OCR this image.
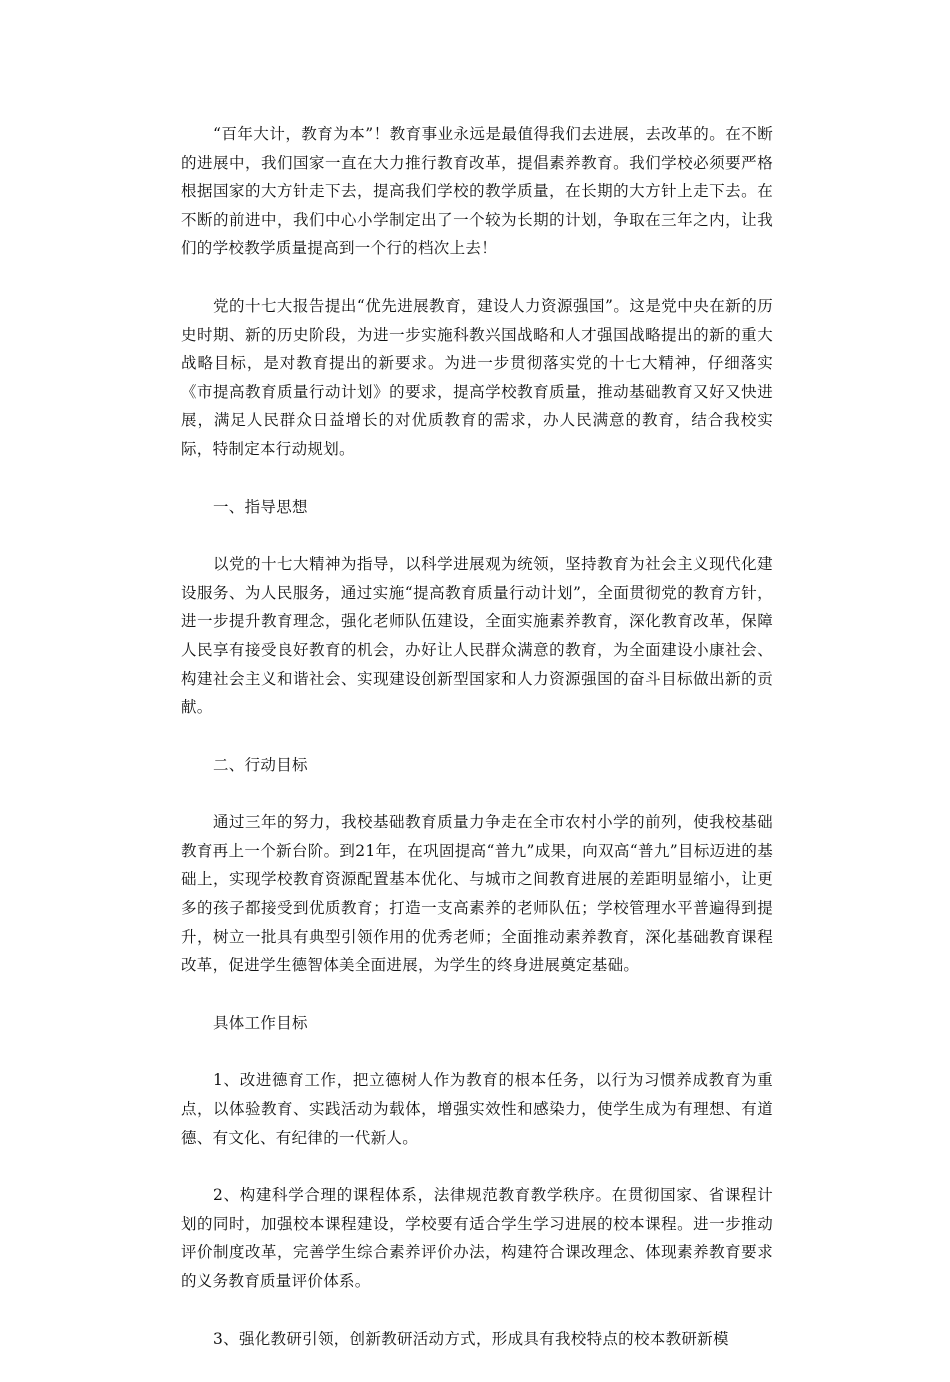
“百年大计，教育为本”！教育事业永远是最值得我们去进展，去改革的。在不断的进展中，我们国家一直在大力推行教育改革，提倡素养教育。我们学校必须要严格根据国家的大方针走下去，提高我们学校的教学质量，在长期的大方针上走下去。在不断的前进中，我们中心小学制定出了一个较为长期的计划，争取在三年之内，让我们的学校教学质量提高到一个行的档次上去！

党的十七大报告提出“优先进展教育，建设人力资源强国”。这是党中央在新的历史时期、新的历史阶段，为进一步实施科教兴国战略和人才强国战略提出的新的重大战略目标，是对教育提出的新要求。为进一步贯彻落实党的十七大精神，仔细落实《市提高教育质量行动计划》的要求，提高学校教育质量，推动基础教育又好又快进展，满足人民群众日益增长的对优质教育的需求，办人民满意的教育，结合我校实际，特制定本行动规划。

一、指导思想

以党的十七大精神为指导，以科学进展观为统领，坚持教育为社会主义现代化建设服务、为人民服务，通过实施“提高教育质量行动计划”，全面贯彻党的教育方针，进一步提升教育理念，强化老师队伍建设，全面实施素养教育，深化教育改革，保障人民享有接受良好教育的机会，办好让人民群众满意的教育，为全面建设小康社会、构建社会主义和谐社会、实现建设创新型国家和人力资源强国的奋斗目标做出新的贡献。

二、行动目标

通过三年的努力，我校基础教育质量力争走在全市农村小学的前列，使我校基础教育再上一个新台阶。到21年，在巩固提高“普九”成果，向双高“普九”目标迈进的基础上，实现学校教育资源配置基本优化、与城市之间教育进展的差距明显缩小，让更多的孩子都接受到优质教育；打造一支高素养的老师队伍；学校管理水平普遍得到提升，树立一批具有典型引领作用的优秀老师；全面推动素养教育，深化基础教育课程改革，促进学生德智体美全面进展，为学生的终身进展奠定基础。

具体工作目标

1、改进德育工作，把立德树人作为教育的根本任务，以行为习惯养成教育为重点，以体验教育、实践活动为载体，增强实效性和感染力，使学生成为有理想、有道德、有文化、有纪律的一代新人。

2、构建科学合理的课程体系，法律规范教育教学秩序。在贯彻国家、省课程计划的同时，加强校本课程建设，学校要有适合学生学习进展的校本课程。进一步推动评价制度改革，完善学生综合素养评价办法，构建符合课改理念、体现素养教育要求的义务教育质量评价体系。

3、强化教研引领，创新教研活动方式，形成具有我校特点的校本教研新模
